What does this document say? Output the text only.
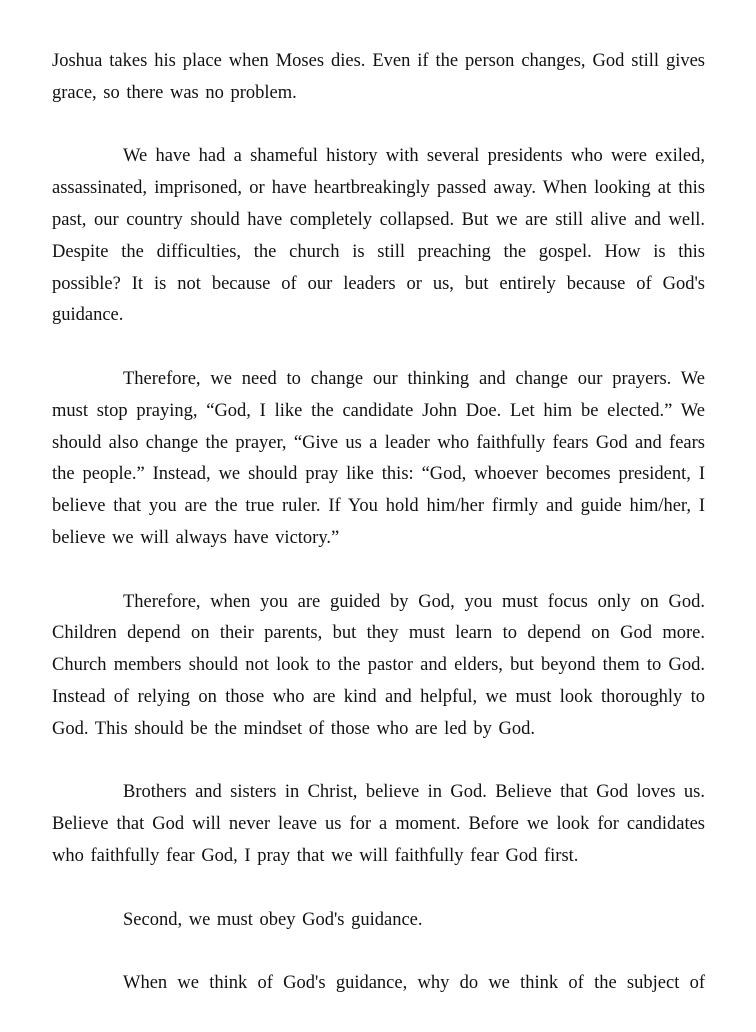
Joshua takes his place when Moses dies. Even if the person changes, God still gives grace, so there was no problem.

We have had a shameful history with several presidents who were exiled, assassinated, imprisoned, or have heartbreakingly passed away. When looking at this past, our country should have completely collapsed. But we are still alive and well. Despite the difficulties, the church is still preaching the gospel. How is this possible? It is not because of our leaders or us, but entirely because of God's guidance.

Therefore, we need to change our thinking and change our prayers. We must stop praying, “God, I like the candidate John Doe. Let him be elected.” We should also change the prayer, “Give us a leader who faithfully fears God and fears the people.” Instead, we should pray like this: “God, whoever becomes president, I believe that you are the true ruler. If You hold him/her firmly and guide him/her, I believe we will always have victory.”

Therefore, when you are guided by God, you must focus only on God. Children depend on their parents, but they must learn to depend on God more. Church members should not look to the pastor and elders, but beyond them to God. Instead of relying on those who are kind and helpful, we must look thoroughly to God. This should be the mindset of those who are led by God.

Brothers and sisters in Christ, believe in God. Believe that God loves us. Believe that God will never leave us for a moment. Before we look for candidates who faithfully fear God, I pray that we will faithfully fear God first.

Second, we must obey God's guidance.

When we think of God's guidance, why do we think of the subject of
